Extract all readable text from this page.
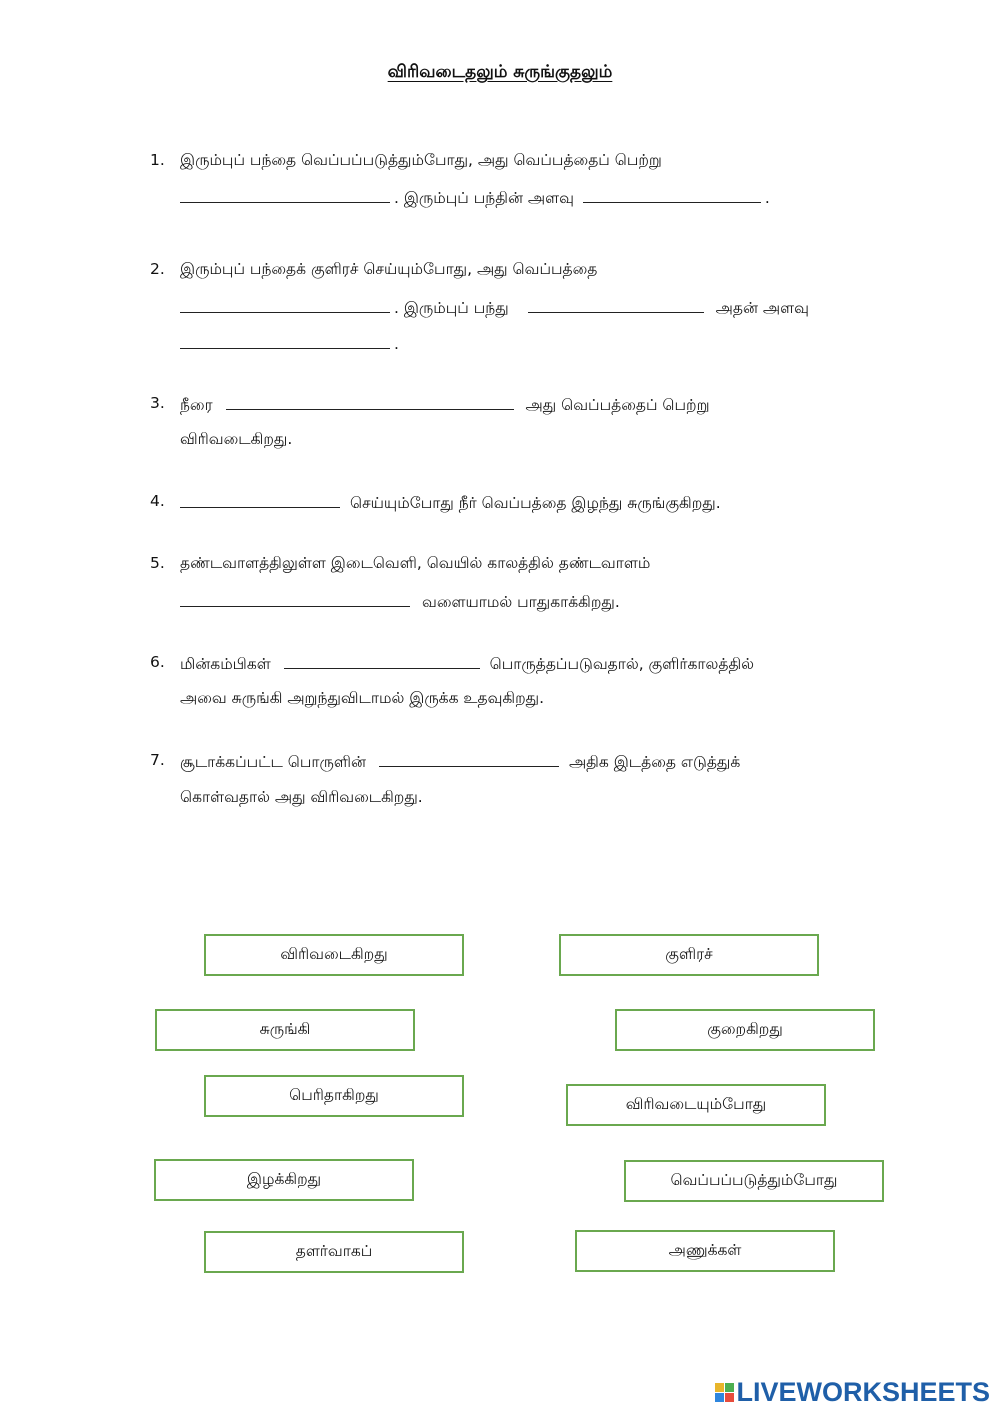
விரிவடைதலும் சுருங்குதலும்
1. இரும்புப் பந்தை வெப்பப்படுத்தும்போது, அது வெப்பத்தைப் பெற்று
. இரும்புப் பந்தின் அளவு	.
2. இரும்புப் பந்தைக் குளிரச் செய்யும்போது, அது வெப்பத்தை
. இரும்புப் பந்து	அதன் அளவு
.
3. நீரை	அது வெப்பத்தைப் பெற்று
விரிவடைகிறது.
4.	செய்யும்போது நீர் வெப்பத்தை இழந்து சுருங்குகிறது.
5. தண்டவாளத்திலுள்ள இடைவெளி, வெயில் காலத்தில் தண்டவாளம்
வளையாமல் பாதுகாக்கிறது.
6. மின்கம்பிகள்	பொருத்தப்படுவதால், குளிர்காலத்தில்
அவை சுருங்கி அறுந்துவிடாமல் இருக்க உதவுகிறது.
7. சூடாக்கப்பட்ட பொருளின்	அதிக இடத்தை எடுத்துக்
கொள்வதால் அது விரிவடைகிறது.
விரிவடைகிறது	குளிரச்
சுருங்கி	குறைகிறது
பெரிதாகிறது	விரிவடையும்போது
இழக்கிறது	வெப்பப்படுத்தும்போது
தளர்வாகப்	அணுக்கள்
LIVEWORKSHEETS
